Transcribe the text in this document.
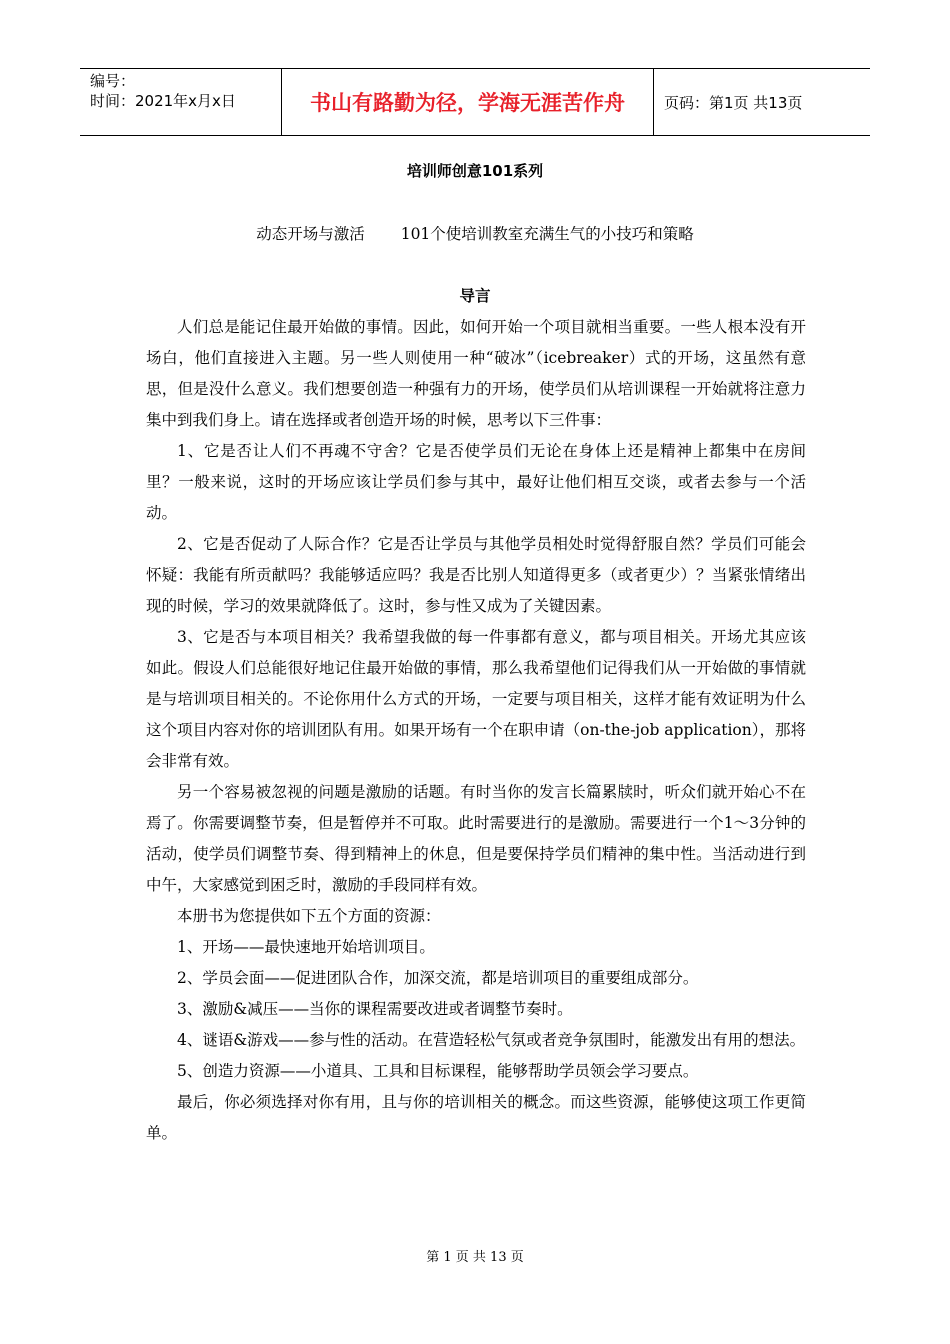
编号：
时间：2021年x月x日	书山有路勤为径，学海无涯苦作舟	页码：第1页 共13页
培训师创意101系列
动态开场与激活 101个使培训教室充满生气的小技巧和策略
导言

人们总是能记住最开始做的事情。因此，如何开始一个项目就相当重要。一些人根本没有开场白，他们直接进入主题。另一些人则使用一种“破冰”（icebreaker）式的开场，这虽然有意思，但是没什么意义。我们想要创造一种强有力的开场，使学员们从培训课程一开始就将注意力集中到我们身上。请在选择或者创造开场的时候，思考以下三件事：

1、它是否让人们不再魂不守舍？它是否使学员们无论在身体上还是精神上都集中在房间里？一般来说，这时的开场应该让学员们参与其中，最好让他们相互交谈，或者去参与一个活动。

2、它是否促动了人际合作？它是否让学员与其他学员相处时觉得舒服自然？学员们可能会怀疑：我能有所贡献吗？我能够适应吗？我是否比别人知道得更多（或者更少）？当紧张情绪出现的时候，学习的效果就降低了。这时，参与性又成为了关键因素。

3、它是否与本项目相关？我希望我做的每一件事都有意义，都与项目相关。开场尤其应该如此。假设人们总能很好地记住最开始做的事情，那么我希望他们记得我们从一开始做的事情就是与培训项目相关的。不论你用什么方式的开场，一定要与项目相关，这样才能有效证明为什么这个项目内容对你的培训团队有用。如果开场有一个在职申请（on-the-job application），那将会非常有效。

另一个容易被忽视的问题是激励的话题。有时当你的发言长篇累牍时，听众们就开始心不在焉了。你需要调整节奏，但是暂停并不可取。此时需要进行的是激励。需要进行一个1～3分钟的活动，使学员们调整节奏、得到精神上的休息，但是要保持学员们精神的集中性。当活动进行到中午，大家感觉到困乏时，激励的手段同样有效。

本册书为您提供如下五个方面的资源：

1、开场——最快速地开始培训项目。

2、学员会面——促进团队合作，加深交流，都是培训项目的重要组成部分。

3、激励&减压——当你的课程需要改进或者调整节奏时。

4、谜语&游戏——参与性的活动。在营造轻松气氛或者竞争氛围时，能激发出有用的想法。

5、创造力资源——小道具、工具和目标课程，能够帮助学员领会学习要点。

最后，你必须选择对你有用，且与你的培训相关的概念。而这些资源，能够使这项工作更简单。

第 1 页 共 13 页
